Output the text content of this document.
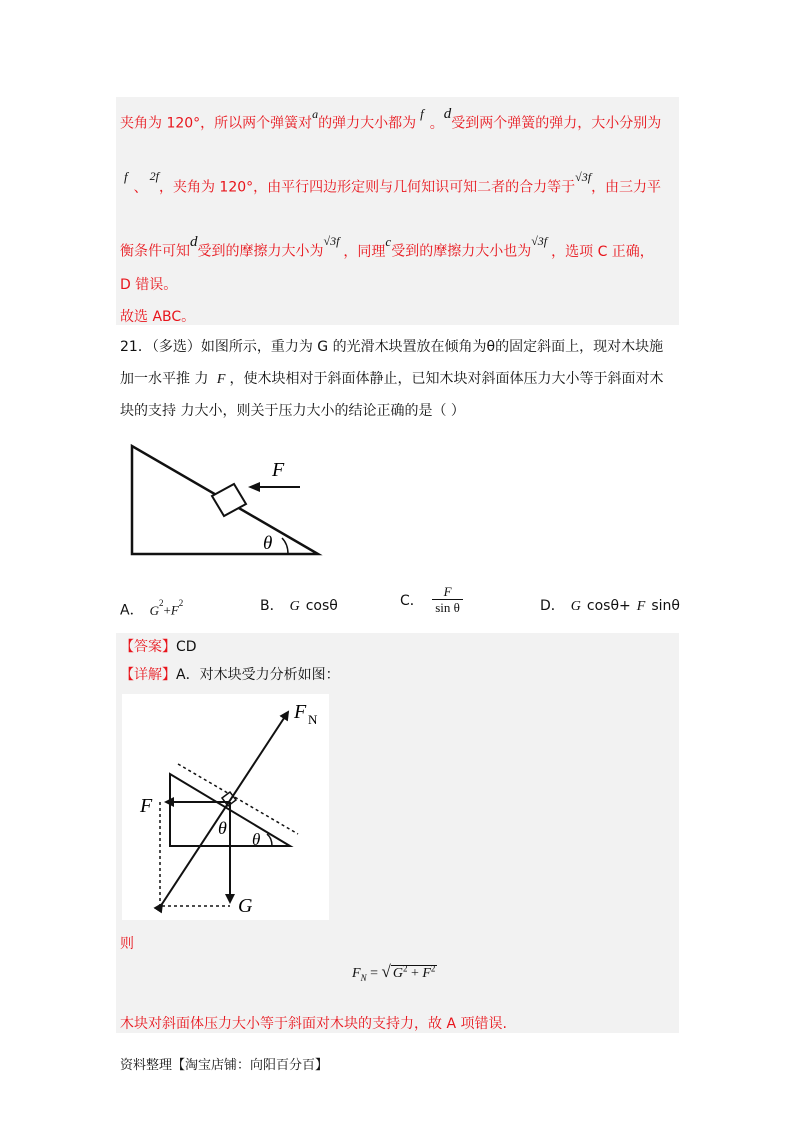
夹角为 120°，所以两个弹簧对$^a$的弹力大小都为$^f$。$^d$受到两个弹簧的弹力，大小分别为
$^f$、$^{2f}$，夹角为 120°，由平行四边形定则与几何知识可知二者的合力等于$^{√3f}$，由三力平
衡条件可知$^d$受到的摩擦力大小为$^{√3f}$，同理$^c$受到的摩擦力大小也为$^{√3f}$，选项 C 正确，
D 错误。
故选 ABC。
21．（多选）如图所示，重力为 G 的光滑木块置放在倾角为θ的固定斜面上，现对木块施
加一水平推 力 F ，使木块相对于斜面体静止，已知木块对斜面体压力大小等于斜面对木
块的支持 力大小，则关于压力大小的结论正确的是（ ）
F
θ
A． $G^2+F^2$	B． G cosθ	C． $\frac{F}{\text{sin θ}}$	D． G cosθ+ F sinθ
【答案】CD
【详解】A．对木块受力分析如图：
F N
F
G
θ
θ
则
$F_N$ = √ $G^2 + F^2$
木块对斜面体压力大小等于斜面对木块的支持力，故 A 项错误.
资料整理【淘宝店铺：向阳百分百】
